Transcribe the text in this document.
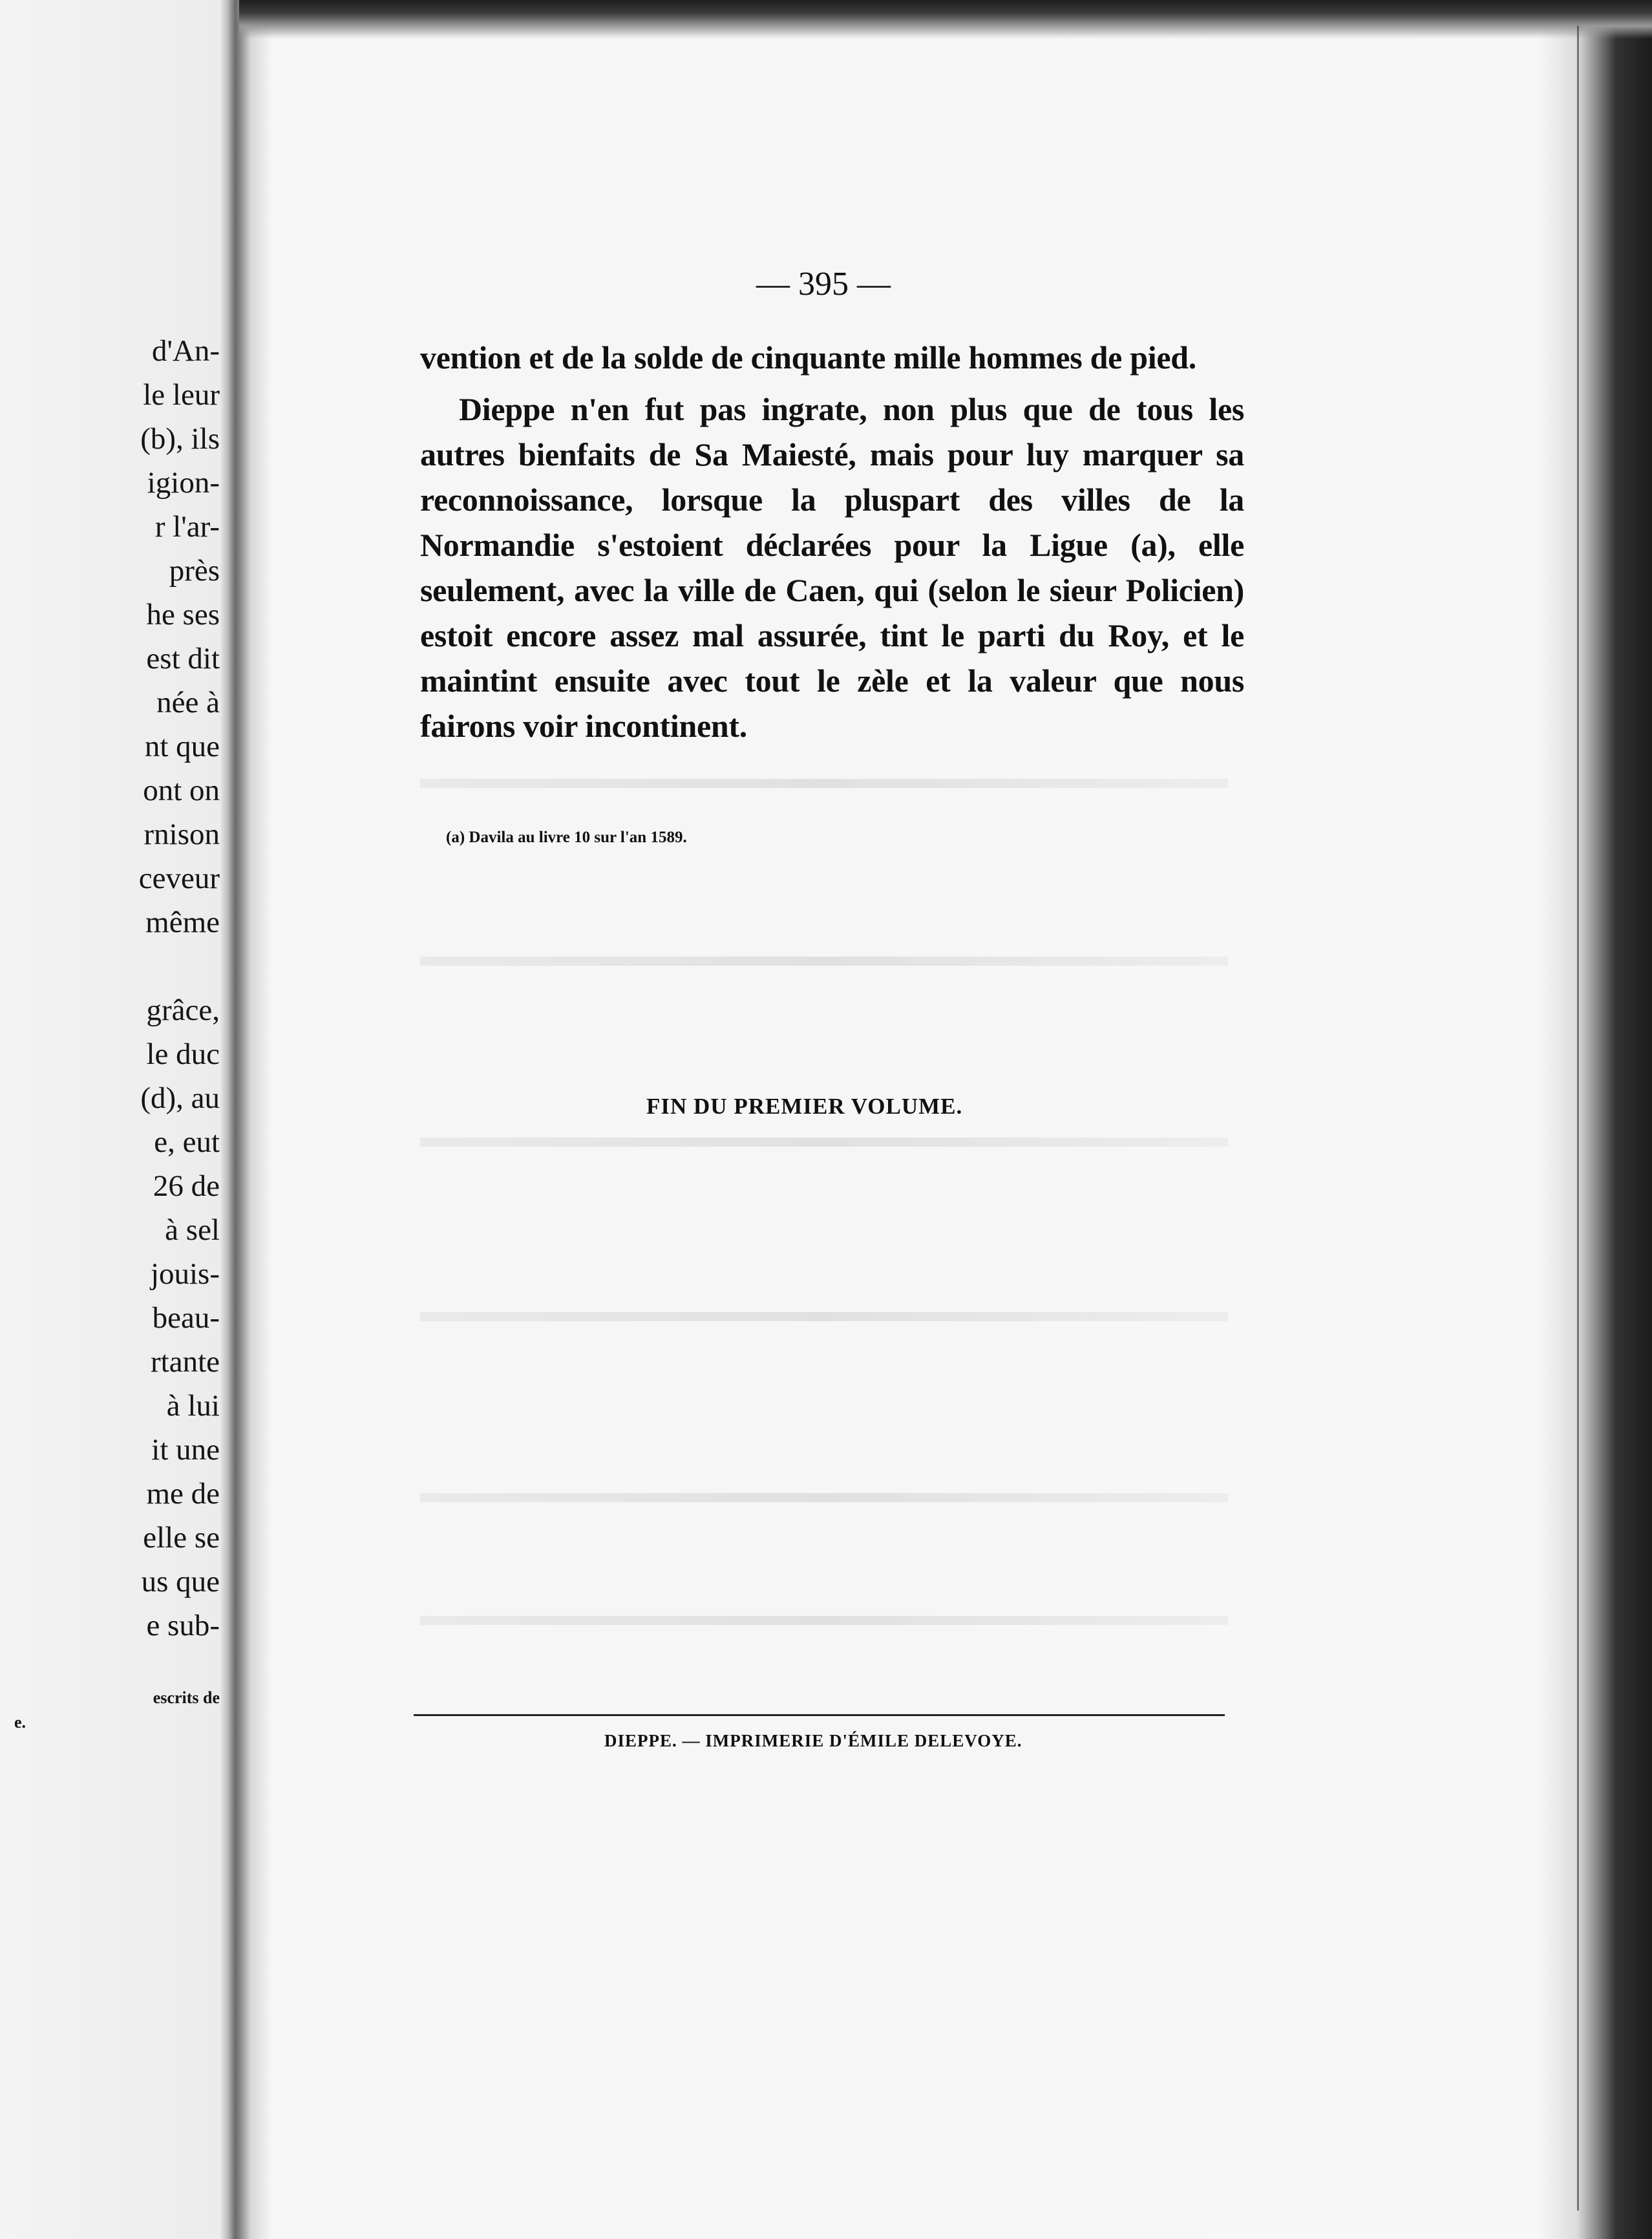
d'An-
le leur
(b), ils
igion-
r l'ar-
près
he ses
est dit
née à
nt que
ont on
rnison
ceveur
même
grâce,
le duc
(d), au
e, eut
26 de
à sel
jouis-
beau-
rtante
à lui
it une
me de
elle se
us que
e sub-
escrits de
e.
— 395 —

vention et de la solde de cinquante mille hommes de pied.

Dieppe n'en fut pas ingrate, non plus que de tous les autres bienfaits de Sa Maiesté, mais pour luy marquer sa reconnoissance, lorsque la pluspart des villes de la Normandie s'estoient déclarées pour la Ligue (a), elle seulement, avec la ville de Caen, qui (selon le sieur Policien) estoit encore assez mal assurée, tint le parti du Roy, et le maintint ensuite avec tout le zèle et la valeur que nous fairons voir incontinent.

(a) Davila au livre 10 sur l'an 1589.
FIN DU PREMIER VOLUME.
DIEPPE. — IMPRIMERIE D'ÉMILE DELEVOYE.
